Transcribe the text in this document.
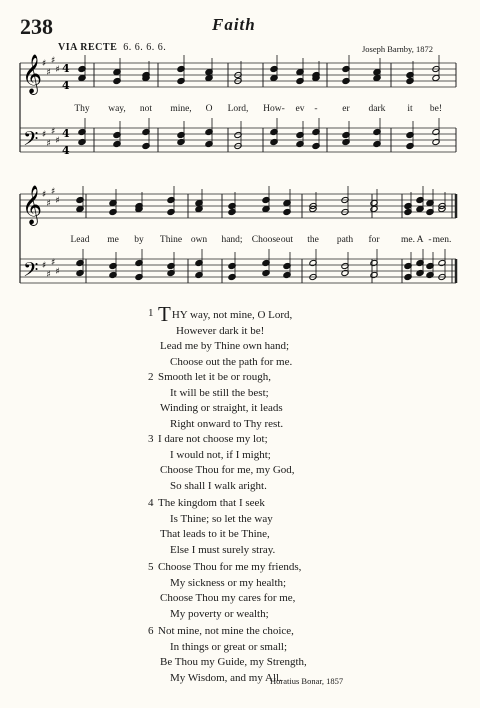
238	Faith
VIA RECTE 6. 6. 6. 6.	Joseph Barnby, 1872
𝄞
𝄢
𝄞
𝄢
♯
♯
♯
♯
♯
♯
♯
♯
♯
♯
♯
♯
♯
♯
♯
♯
4
4
4
4
Thy way, not mine, O Lord, How- ev -	er dark it be!
Lead me by Thine own hand; Choose out the path for me. A - men.
1 THY way, not mine, O Lord,
However dark it be!
Lead me by Thine own hand;
Choose out the path for me.
2 Smooth let it be or rough,
It will be still the best;
Winding or straight, it leads
Right onward to Thy rest.
3 I dare not choose my lot;
I would not, if I might;
Choose Thou for me, my God,
So shall I walk aright.
4 The kingdom that I seek
Is Thine; so let the way
That leads to it be Thine,
Else I must surely stray.
5 Choose Thou for me my friends,
My sickness or my health;
Choose Thou my cares for me,
My poverty or wealth;
6 Not mine, not mine the choice,
In things or great or small;
Be Thou my Guide, my Strength,
My Wisdom, and my All.
Horatius Bonar, 1857
